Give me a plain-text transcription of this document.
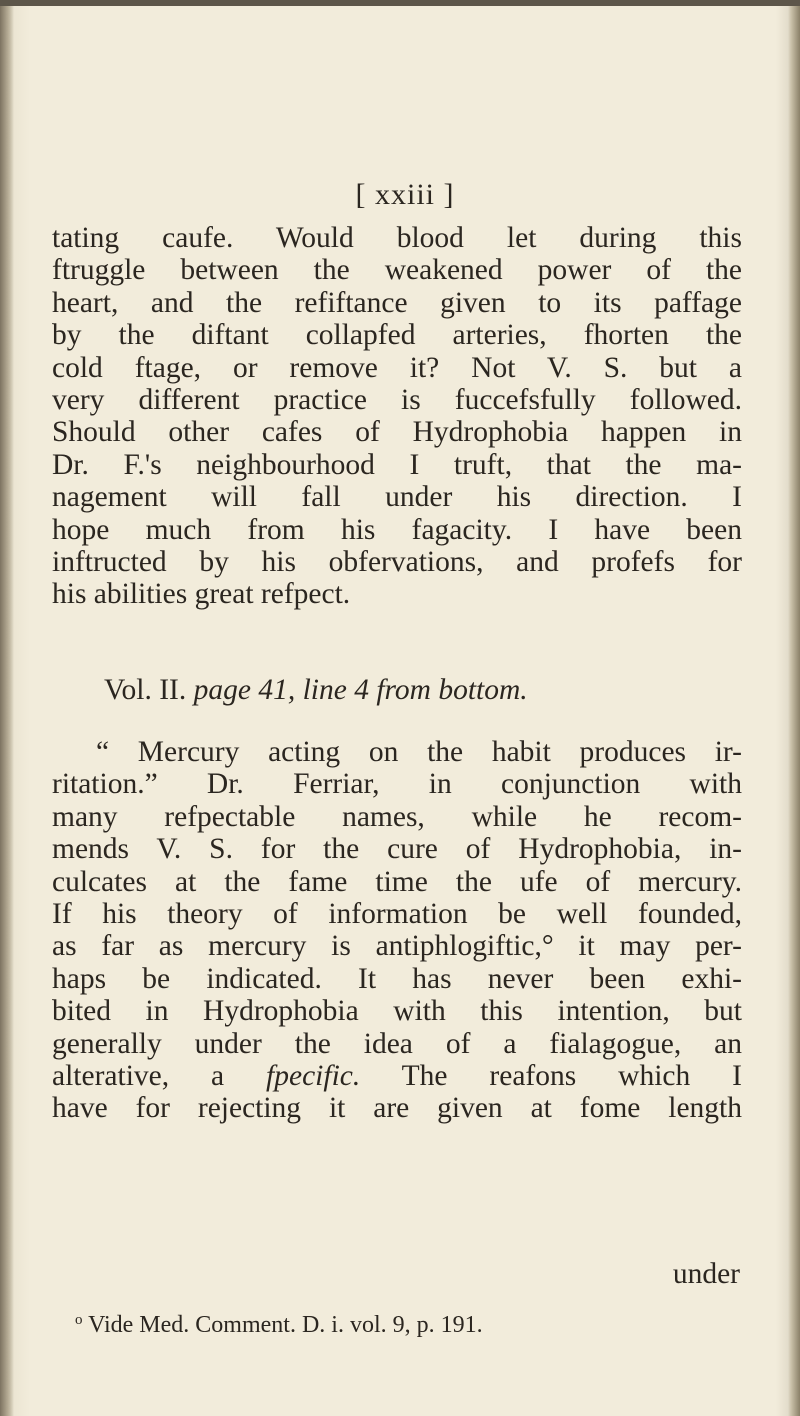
[ xxiii ]
tating caufe. Would blood let during this
ftruggle between the weakened power of the
heart, and the refiftance given to its paffage
by the diftant collapfed arteries, fhorten the
cold ftage, or remove it? Not V. S. but a
very different practice is fuccefsfully followed.
Should other cafes of Hydrophobia happen in
Dr. F.'s neighbourhood I truft, that the ma-
nagement will fall under his direction. I
hope much from his fagacity. I have been
inftructed by his obfervations, and profefs for
his abilities great refpect.
Vol. II. page 41, line 4 from bottom.
“ Mercury acting on the habit produces ir-
ritation.” Dr. Ferriar, in conjunction with
many refpectable names, while he recom-
mends V. S. for the cure of Hydrophobia, in-
culcates at the fame time the ufe of mercury.
If his theory of information be well founded,
as far as mercury is antiphlogiftic,° it may per-
haps be indicated. It has never been exhi-
bited in Hydrophobia with this intention, but
generally under the idea of a fialagogue, an
alterative, a fpecific. The reafons which I
have for rejecting it are given at fome length
under
$^o$ Vide Med. Comment. D. i. vol. 9, p. 191.
